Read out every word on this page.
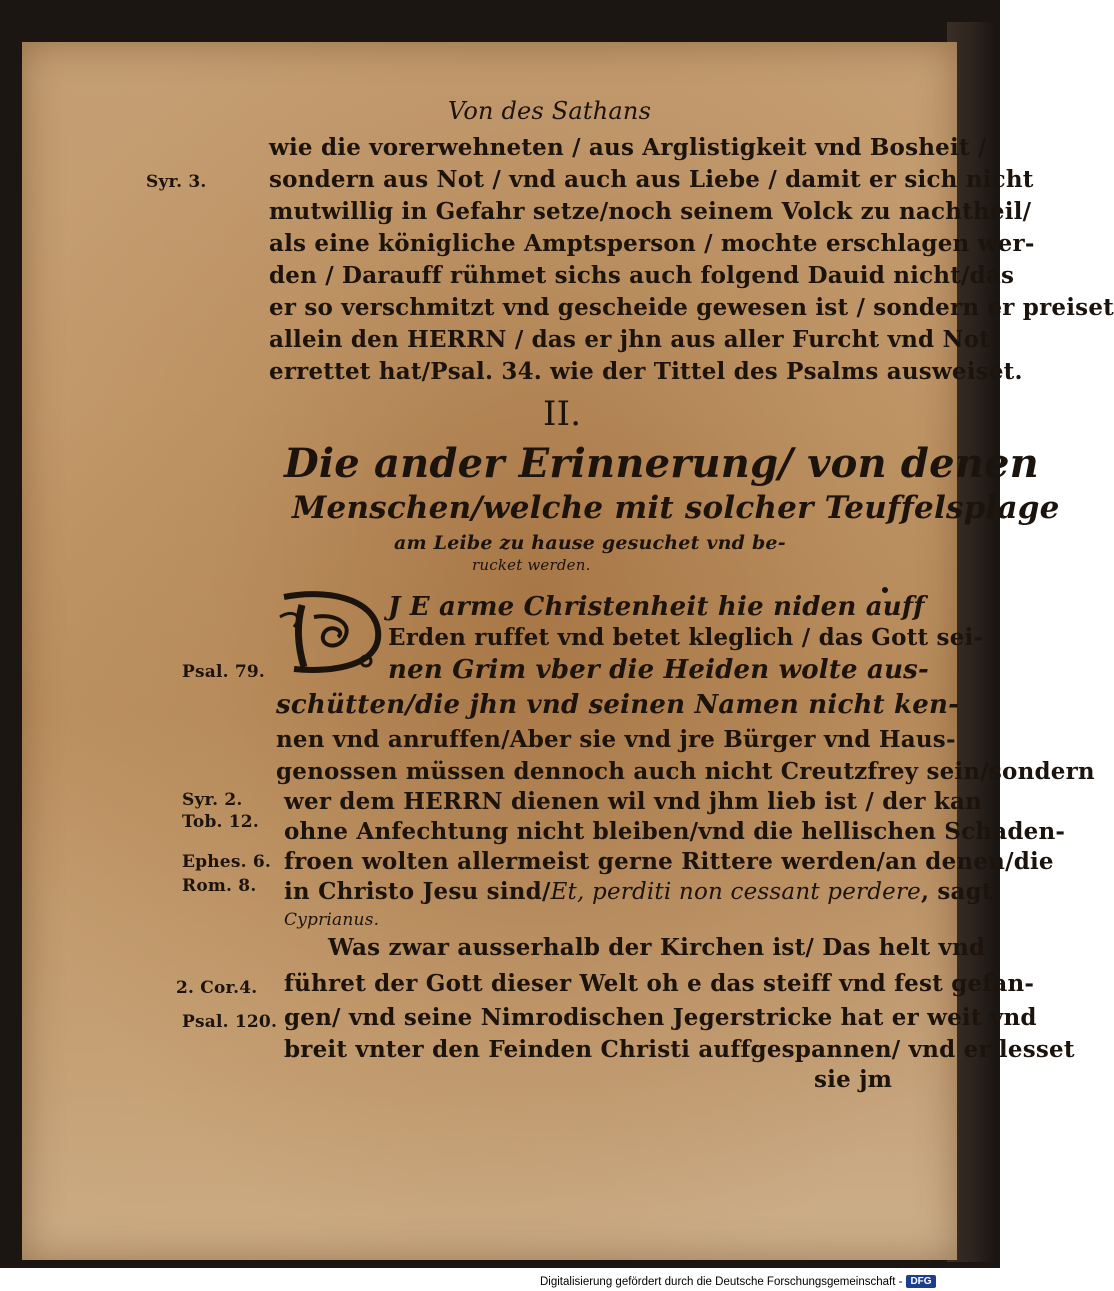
Von des Sathans
wie die vorerwehneten / aus Arglistigkeit vnd Bosheit /
sondern aus Not / vnd auch aus Liebe / damit er sich nicht
mutwillig in Gefahr setze/noch seinem Volck zu nachtheil/
als eine königliche Amptsperson / mochte erschlagen wer-
den / Darauff rühmet sichs auch folgend Dauid nicht/das
er so verschmitzt vnd gescheide gewesen ist / sondern er preiset
allein den HERRN / das er jhn aus aller Furcht vnd Not
errettet hat/Psal. 34. wie der Tittel des Psalms ausweiset.
Syr. 3.
II.
Die ander Erinnerung/ von denen
Menschen/welche mit solcher Teuffelsplage
am Leibe zu hause gesuchet vnd be-
rucket werden.
J E arme Christenheit hie niden auff
Erden ruffet vnd betet kleglich / das Gott sei-
nen Grim vber die Heiden wolte aus-
schütten/die jhn vnd seinen Namen nicht ken-
nen vnd anruffen/Aber sie vnd jre Bürger vnd Haus-
genossen müssen dennoch auch nicht Creutzfrey sein/sondern
wer dem HERRN dienen wil vnd jhm lieb ist / der kan
ohne Anfechtung nicht bleiben/vnd die hellischen Schaden-
froen wolten allermeist gerne Rittere werden/an denen/die
in Christo Jesu sind/Et, perditi non cessant perdere, sagt
Cyprianus.
Psal. 79.
Syr. 2.
Tob. 12.
Ephes. 6.
Rom. 8.
Was zwar ausserhalb der Kirchen ist/ Das helt vnd
führet der Gott dieser Welt oh e das steiff vnd fest gefan-
gen/ vnd seine Nimrodischen Jegerstricke hat er weit vnd
breit vnter den Feinden Christi auffgespannen/ vnd er lesset
sie jm
2. Cor.4.
Psal. 120.
Digitalisierung gefördert durch die Deutsche Forschungsgemeinschaft - DFG
